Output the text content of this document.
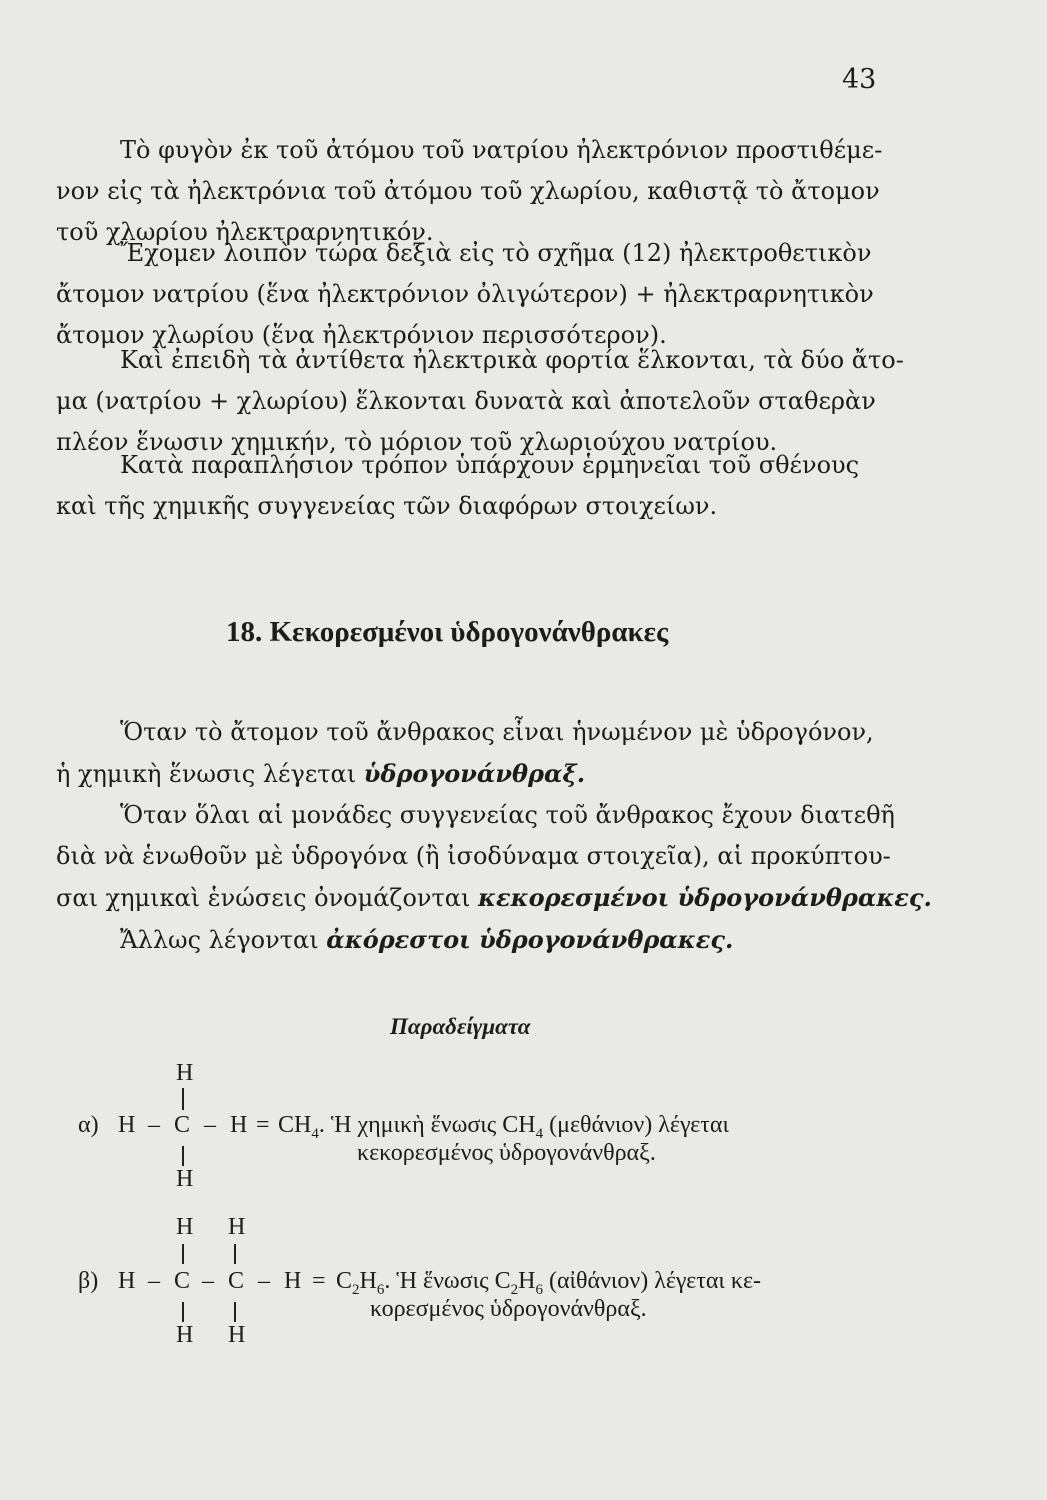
43
Τὸ φυγὸν ἐκ τοῦ ἀτόμου τοῦ νατρίου ἠλεκτρόνιον προστιθέμε-
νον εἰς τὰ ἠλεκτρόνια τοῦ ἀτόμου τοῦ χλωρίου, καθιστᾷ τὸ ἄτομον
τοῦ χλωρίου ἠλεκτραρνητικόν.
Ἔχομεν λοιπὸν τώρα δεξιὰ εἰς τὸ σχῆμα (12) ἠλεκτροθετικὸν
ἄτομον νατρίου (ἕνα ἠλεκτρόνιον ὀλιγώτερον) + ἠλεκτραρνητικὸν
ἄτομον χλωρίου (ἕνα ἠλεκτρόνιον περισσότερον).
Καὶ ἐπειδὴ τὰ ἀντίθετα ἠλεκτρικὰ φορτία ἕλκονται, τὰ δύο ἄτο-
μα (νατρίου + χλωρίου) ἕλκονται δυνατὰ καὶ ἀποτελοῦν σταθερὰν
πλέον ἕνωσιν χημικήν, τὸ μόριον τοῦ χλωριούχου νατρίου.
Κατὰ παραπλήσιον τρόπον ὑπάρχουν ἑρμηνεῖαι τοῦ σθένους
καὶ τῆς χημικῆς συγγενείας τῶν διαφόρων στοιχείων.
18. Κεκορεσμένοι ὑδρογονάνθρακες
Ὅταν τὸ ἄτομον τοῦ ἄνθρακος εἶναι ἡνωμένον μὲ ὑδρογόνον,
ἡ χημικὴ ἕνωσις λέγεται ὑδρογονάνθραξ.
Ὅταν ὅλαι αἱ μονάδες συγγενείας τοῦ ἄνθρακος ἔχουν διατεθῆ
διὰ νὰ ἑνωθοῦν μὲ ὑδρογόνα (ἢ ἰσοδύναμα στοιχεῖα), αἱ προκύπτου-
σαι χημικαὶ ἑνώσεις ὀνομάζονται κεκορεσμένοι ὑδρογονάνθρακες.
Ἄλλως λέγονται ἀκόρεστοι ὑδρογονάνθρακες.
Παραδείγματα
H
α) $H - C - H = CH_4$. Ἡ χημικὴ ἕνωσις $CH_4$ (μεθάνιον) λέγεται
κεκορεσμένος ὑδρογονάνθραξ.
H
H H
β) $H - C - C - H = C_2H_6$. Ἡ ἕνωσις $C_2H_6$ (αἰθάνιον) λέγεται κε-
κορεσμένος ὑδρογονάνθραξ.
H H
